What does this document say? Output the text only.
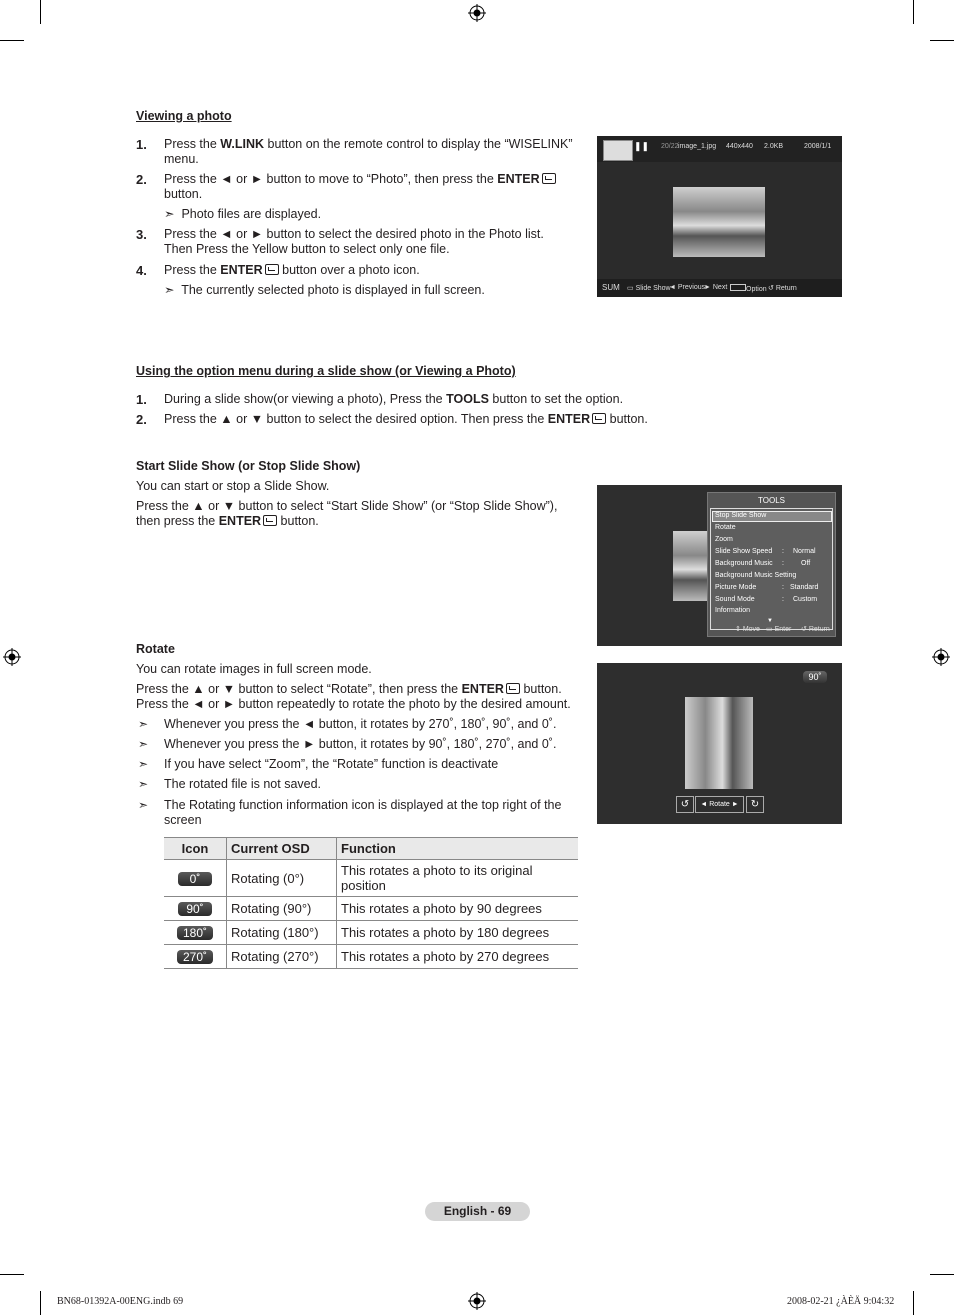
Viewing a photo
1. Press the W.LINK button on the remote control to display the “WISELINK”
menu.
2. Press the ◄ or ► button to move to “Photo”, then press the ENTER
button.
➣ Photo files are displayed.
3. Press the ◄ or ► button to select the desired photo in the Photo list.
Then Press the Yellow button to select only one file.
4. Press the ENTER button over a photo icon.
➣ The currently selected photo is displayed in full screen.
❚❚ 20/22 image_1.jpg 440x440 2.0KB	2008/1/1
SUM ▭ Slide Show
◄ Previous
► Next	Option ↺ Return
Using the option menu during a slide show (or Viewing a Photo)
1. During a slide show(or viewing a photo), Press the TOOLS button to set the option.
2. Press the ▲ or ▼ button to select the desired option. Then press the ENTER button.
Start Slide Show (or Stop Slide Show)
You can start or stop a Slide Show.
Press the ▲ or ▼ button to select “Start Slide Show” (or “Stop Slide Show”),
then press the ENTER button.
TOOLS
Stop Slide Show
Rotate
Zoom
Slide Show Speed : Normal
Background Music : Off
Background Music Setting
Picture Mode	: Standard
Sound Mode	: Custom
Information
▼
⇕ Move ▭ Enter ↺ Return
Rotate
You can rotate images in full screen mode.
Press the ▲ or ▼ button to select “Rotate”, then press the ENTER button.
Press the ◄ or ► button repeatedly to rotate the photo by the desired amount.
➣ Whenever you press the ◄ button, it rotates by 270˚, 180˚, 90˚, and 0˚.
➣ Whenever you press the ► button, it rotates by 90˚, 180˚, 270˚, and 0˚.
➣ If you have select “Zoom”, the “Rotate” function is deactivate
➣ The rotated file is not saved.
➣ The Rotating function information icon is displayed at the top right of the
screen
90˚
↺	◄ Rotate ►	↻
Icon	Current OSD	Function
0˚	Rotating (0°)	This rotates a photo to its original position
90˚	Rotating (90°)	This rotates a photo by 90 degrees
180˚	Rotating (180°)	This rotates a photo by 180 degrees
270˚	Rotating (270°)	This rotates a photo by 270 degrees
English - 69
BN68-01392A-00ENG.indb 69	2008-02-21 ¿ÀÈÄ 9:04:32
